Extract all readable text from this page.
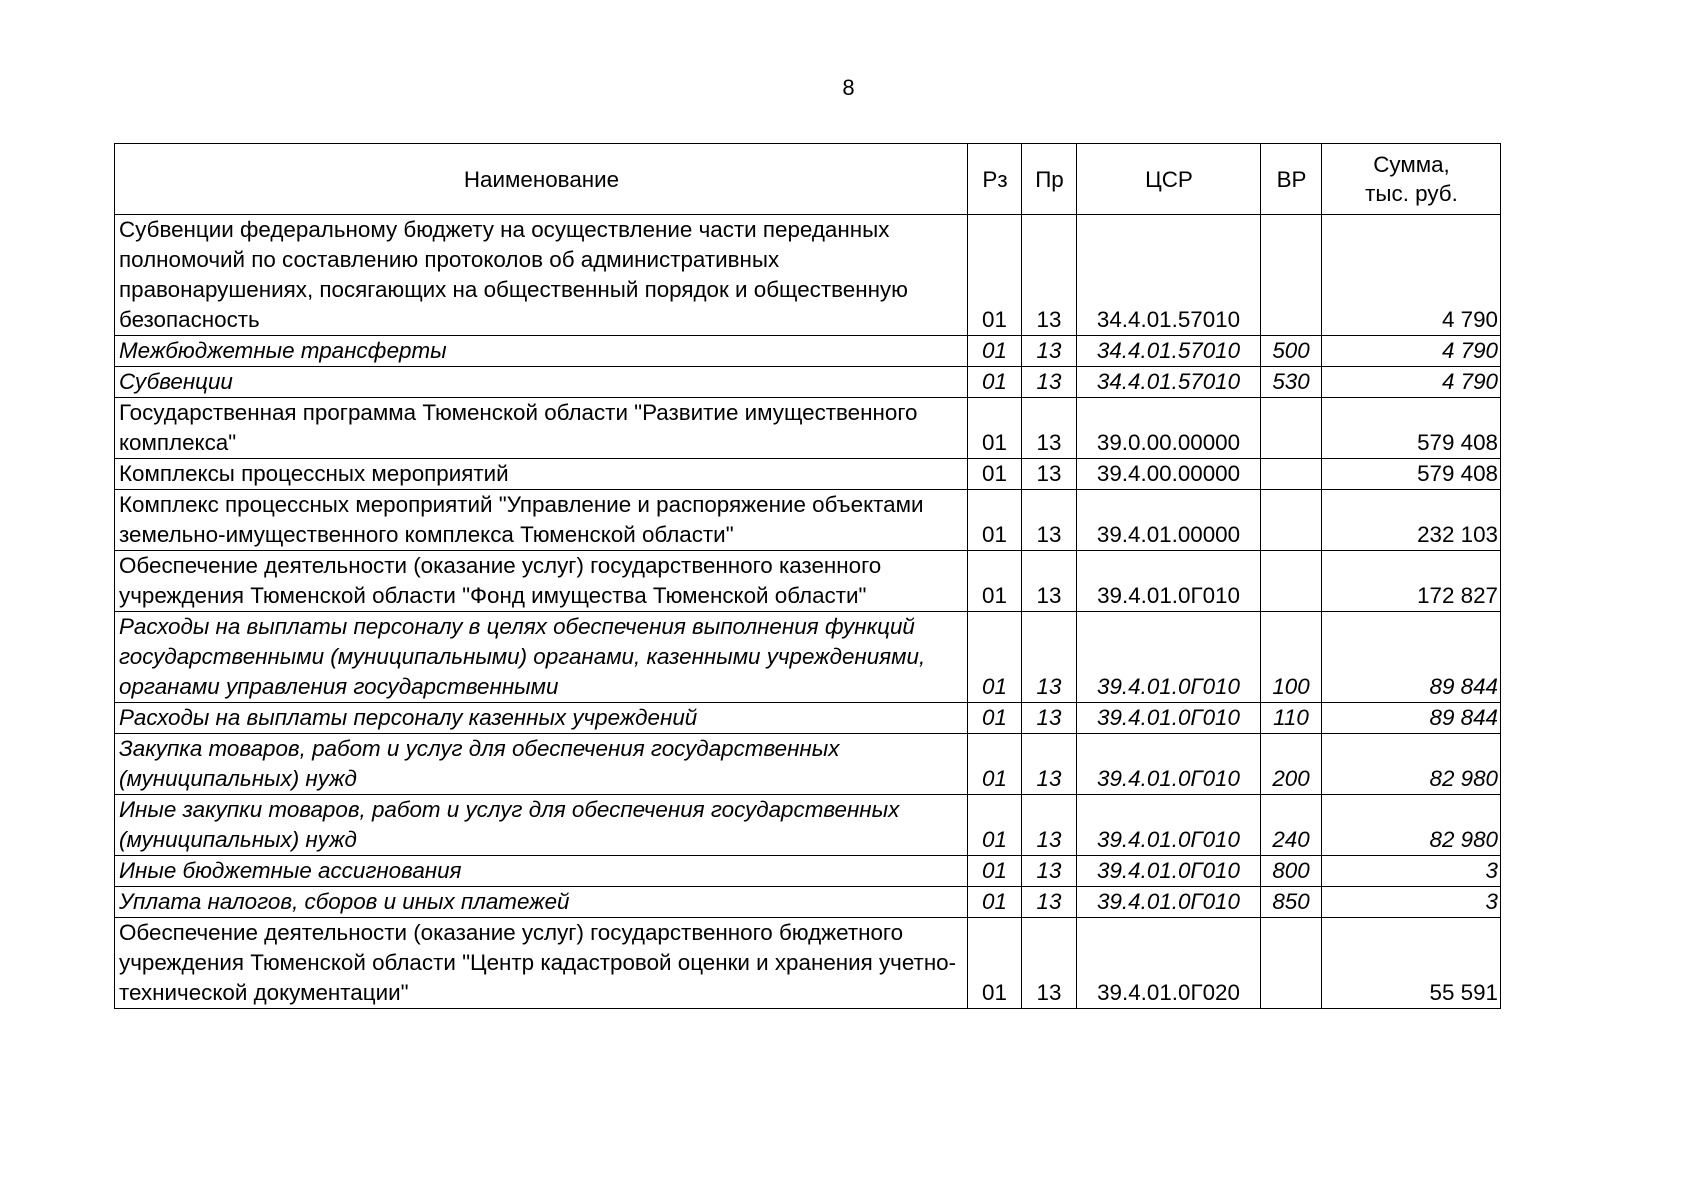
8
Наименование	Рз	Пр	ЦСР	ВР	Сумма,
тыс. руб.
Субвенции федеральному бюджету на осуществление части переданных полномочий по составлению протоколов об административных правонарушениях, посягающих на общественный порядок и общественную безопасность	01	13	34.4.01.57010		4 790
Межбюджетные трансферты	01	13	34.4.01.57010	500	4 790
Субвенции	01	13	34.4.01.57010	530	4 790
Государственная программа Тюменской области "Развитие имущественного комплекса"	01	13	39.0.00.00000		579 408
Комплексы процессных мероприятий	01	13	39.4.00.00000		579 408
Комплекс процессных мероприятий "Управление и распоряжение объектами земельно-имущественного комплекса Тюменской области"	01	13	39.4.01.00000		232 103
Обеспечение деятельности (оказание услуг) государственного казенного учреждения Тюменской области "Фонд имущества Тюменской области"	01	13	39.4.01.0Г010		172 827
Расходы на выплаты персоналу в целях обеспечения выполнения функций государственными (муниципальными) органами, казенными учреждениями, органами управления государственными	01	13	39.4.01.0Г010	100	89 844
Расходы на выплаты персоналу казенных учреждений	01	13	39.4.01.0Г010	110	89 844
Закупка товаров, работ и услуг для обеспечения государственных (муниципальных) нужд	01	13	39.4.01.0Г010	200	82 980
Иные закупки товаров, работ и услуг для обеспечения государственных (муниципальных) нужд	01	13	39.4.01.0Г010	240	82 980
Иные бюджетные ассигнования	01	13	39.4.01.0Г010	800	3
Уплата налогов, сборов и иных платежей	01	13	39.4.01.0Г010	850	3
Обеспечение деятельности (оказание услуг) государственного бюджетного учреждения Тюменской области "Центр кадастровой оценки и хранения учетно-технической документации"	01	13	39.4.01.0Г020		55 591
